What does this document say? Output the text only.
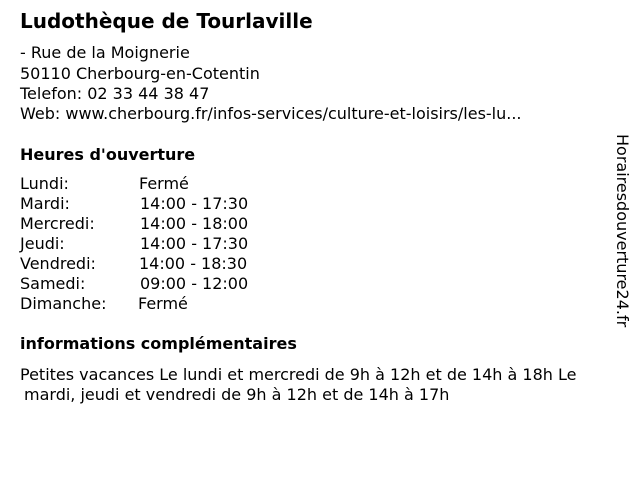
Ludothèque de Tourlaville
- Rue de la Moignerie
50110 Cherbourg-en-Cotentin
Telefon: 02 33 44 38 47
Web: www.cherbourg.fr/infos-services/culture-et-loisirs/les-lu...
Heures d'ouverture
Lundi:	Fermé
Mardi:	14:00 - 17:30
Mercredi:	14:00 - 18:00
Jeudi:	14:00 - 17:30
Vendredi:	14:00 - 18:30
Samedi:	09:00 - 12:00
Dimanche: Fermé
informations complémentaires
Petites vacances Le lundi et mercredi de 9h à 12h et de 14h à 18h Le
mardi, jeudi et vendredi de 9h à 12h et de 14h à 17h
Horairesdouverture24.fr
